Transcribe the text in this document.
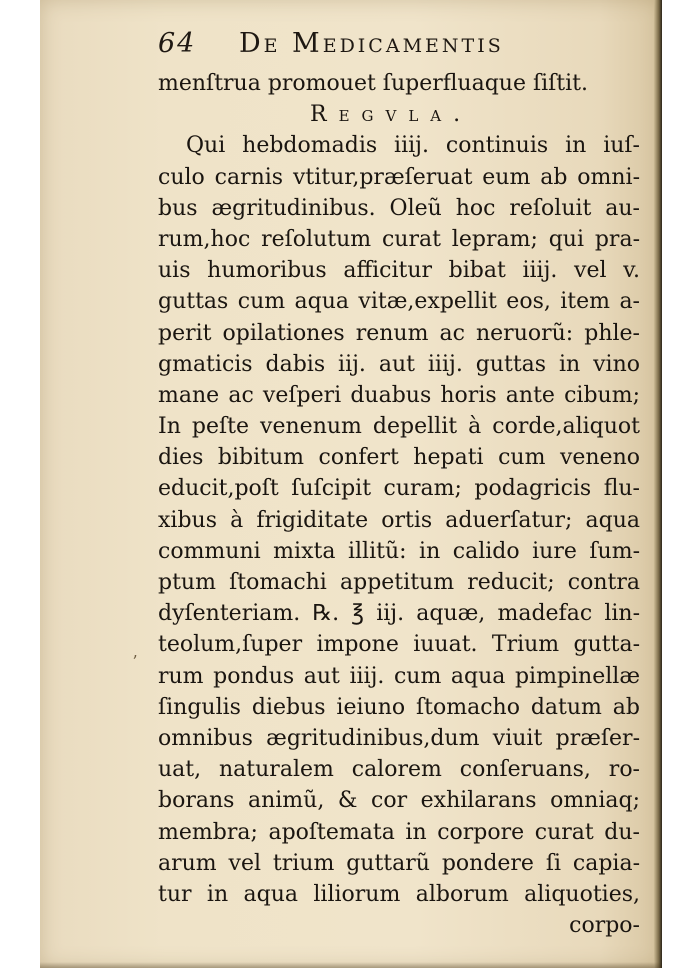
64 De Medicamentis
menſtrua promouet ſuperfluaque ſiſtit.
Regvla.
Qui hebdomadis iiij. continuis in iuſ-
culo carnis vtitur,præſeruat eum ab omni-
bus ægritudinibus. Oleũ hoc reſoluit au-
rum,hoc reſolutum curat lepram; qui pra-
uis humoribus afficitur bibat iiij. vel v.
guttas cum aqua vitæ,expellit eos, item a-
perit opilationes renum ac neruorũ: phle-
gmaticis dabis iij. aut iiij. guttas in vino
mane ac veſperi duabus horis ante cibum;
In peſte venenum depellit à corde,aliquot
dies bibitum confert hepati cum veneno
educit,poſt ſuſcipit curam; podagricis flu-
xibus à frigiditate ortis aduerſatur; aqua
communi mixta illitũ: in calido iure ſum-
ptum ſtomachi appetitum reducit; contra
dyſenteriam. ℞. ℥ iij. aquæ, madefac lin-
teolum,ſuper impone iuuat. Trium gutta-
rum pondus aut iiij. cum aqua pimpinellæ
ſingulis diebus ieiuno ſtomacho datum ab
omnibus ægritudinibus,dum viuit præſer-
uat, naturalem calorem conſeruans, ro-
borans animũ, & cor exhilarans omniaq;
membra; apoſtemata in corpore curat du-
arum vel trium guttarũ pondere ſi capia-
tur in aqua liliorum alborum aliquoties,
corpo-
ʼ
